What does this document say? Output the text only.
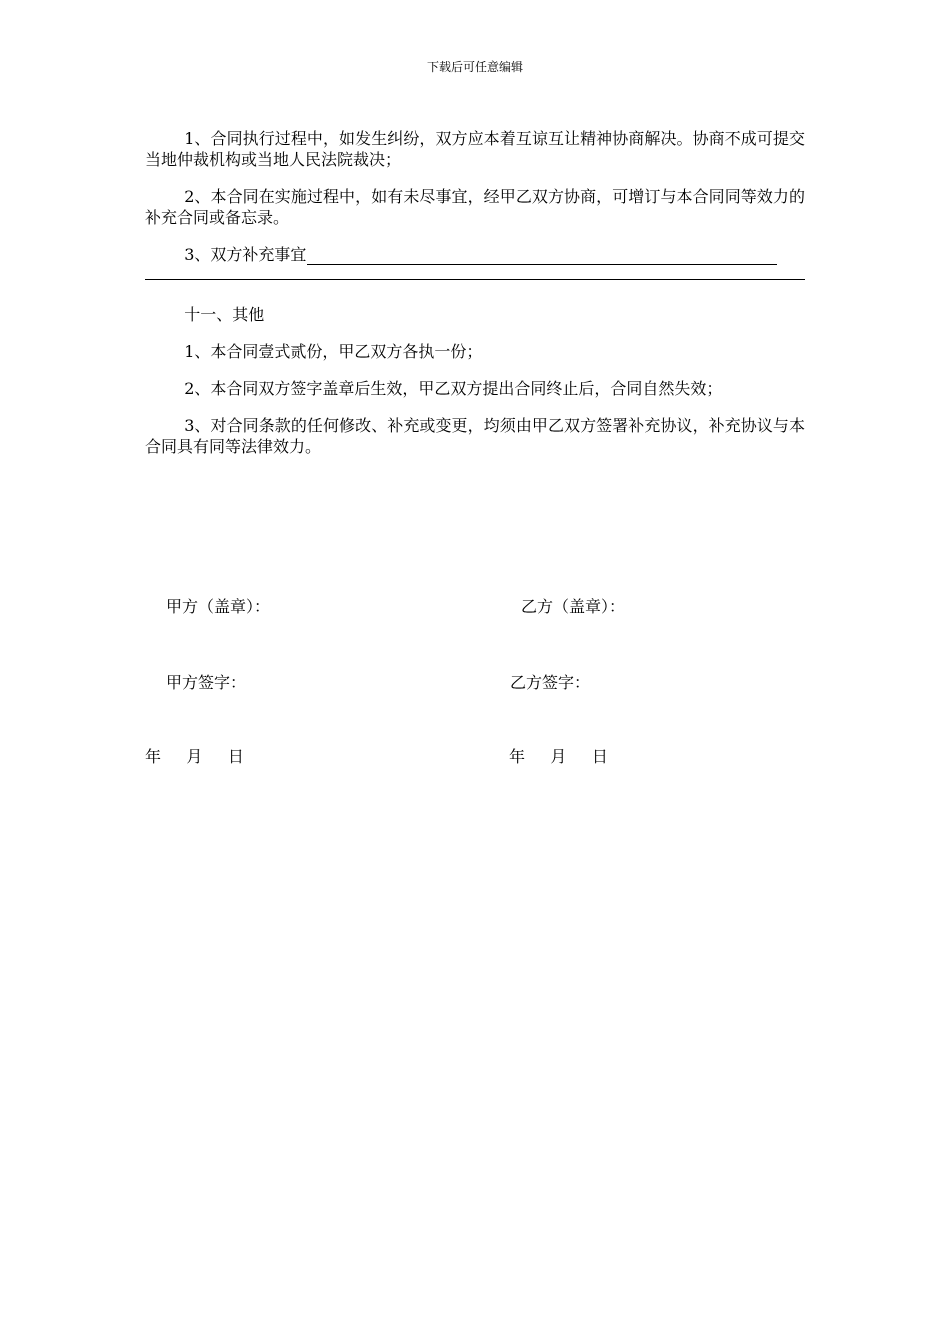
下载后可任意编辑

1、合同执行过程中，如发生纠纷，双方应本着互谅互让精神协商解决。协商不成可提交当地仲裁机构或当地人民法院裁决；

2、本合同在实施过程中，如有未尽事宜，经甲乙双方协商，可增订与本合同同等效力的补充合同或备忘录。

3、双方补充事宜

十一、其他

1、本合同壹式贰份，甲乙双方各执一份；

2、本合同双方签字盖章后生效，甲乙双方提出合同终止后，合同自然失效；

3、对合同条款的任何修改、补充或变更，均须由甲乙双方签署补充协议，补充协议与本合同具有同等法律效力。

甲方（盖章）：	乙方（盖章）：
甲方签字：	乙方签字：
年     月     日	年     月     日
